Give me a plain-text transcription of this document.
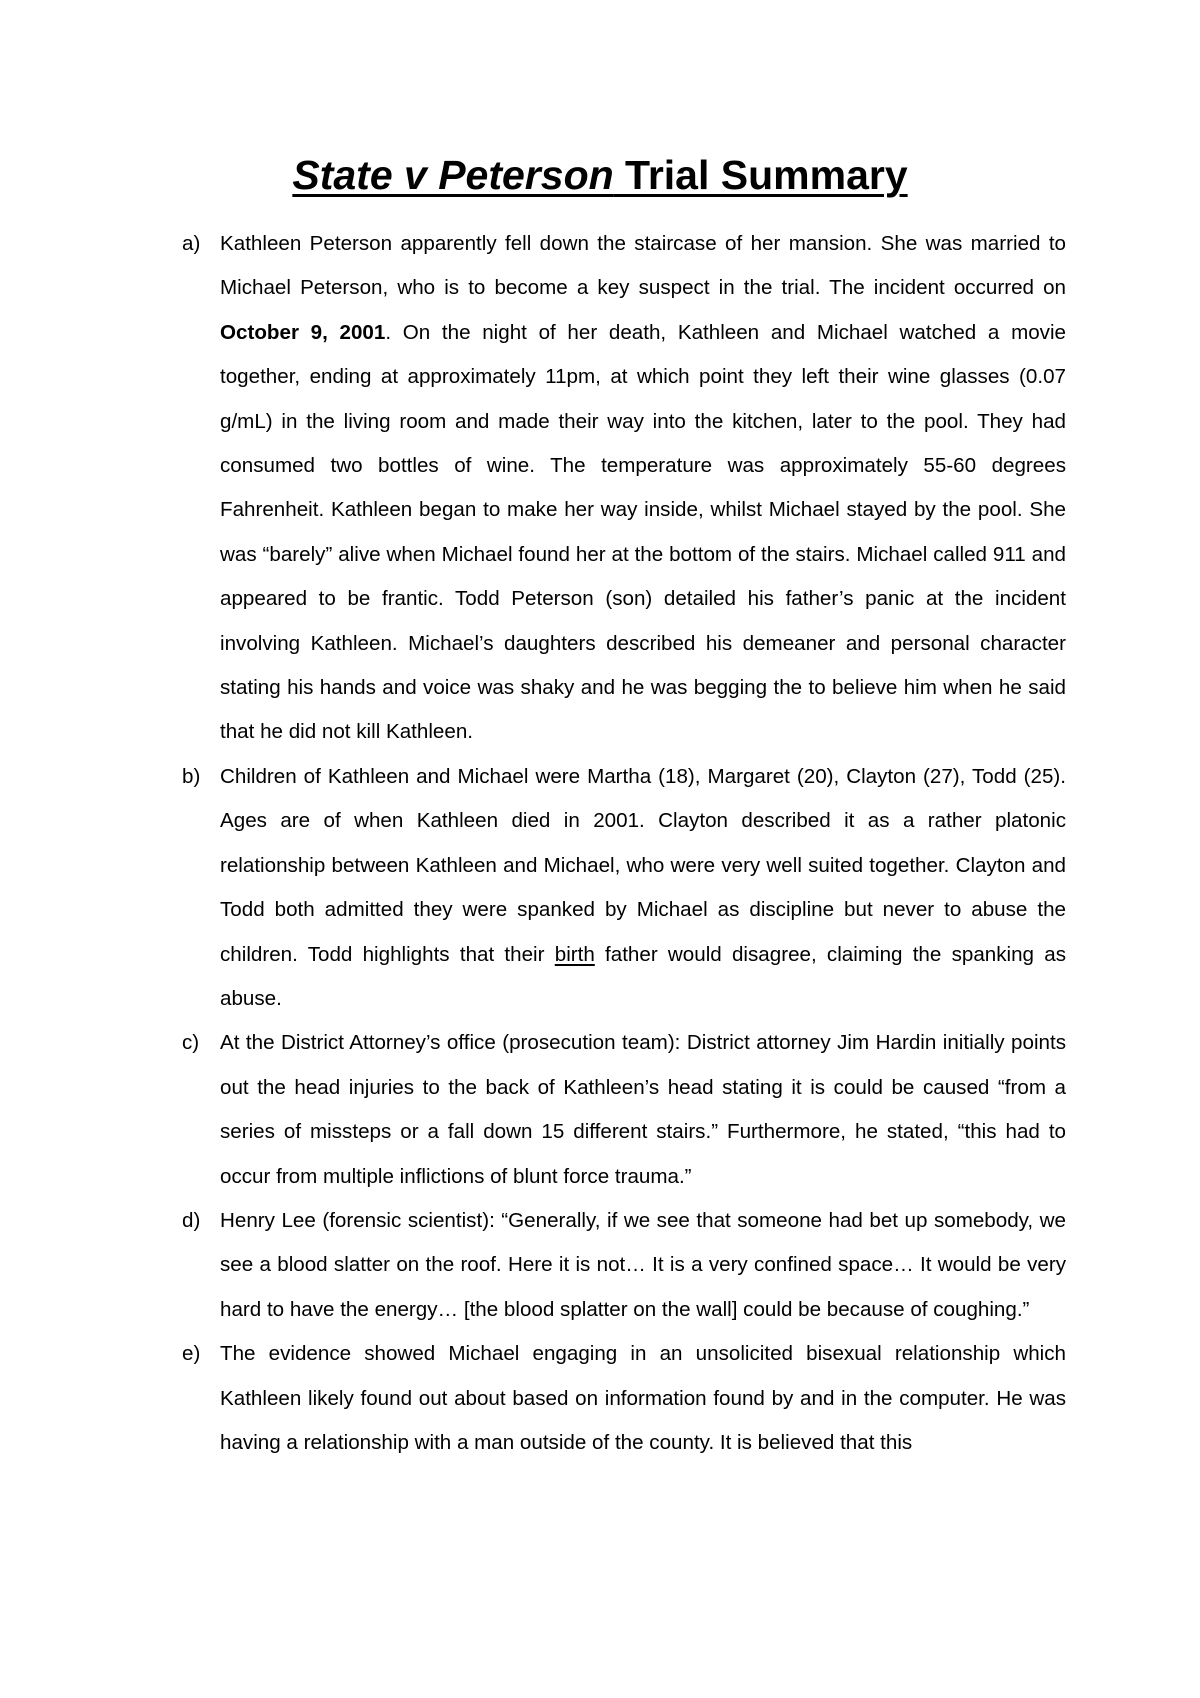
State v Peterson Trial Summary
a) Kathleen Peterson apparently fell down the staircase of her mansion. She was married to Michael Peterson, who is to become a key suspect in the trial. The incident occurred on October 9, 2001. On the night of her death, Kathleen and Michael watched a movie together, ending at approximately 11pm, at which point they left their wine glasses (0.07 g/mL) in the living room and made their way into the kitchen, later to the pool. They had consumed two bottles of wine. The temperature was approximately 55-60 degrees Fahrenheit. Kathleen began to make her way inside, whilst Michael stayed by the pool. She was “barely” alive when Michael found her at the bottom of the stairs. Michael called 911 and appeared to be frantic. Todd Peterson (son) detailed his father’s panic at the incident involving Kathleen. Michael’s daughters described his demeaner and personal character stating his hands and voice was shaky and he was begging the to believe him when he said that he did not kill Kathleen.
b) Children of Kathleen and Michael were Martha (18), Margaret (20), Clayton (27), Todd (25). Ages are of when Kathleen died in 2001. Clayton described it as a rather platonic relationship between Kathleen and Michael, who were very well suited together. Clayton and Todd both admitted they were spanked by Michael as discipline but never to abuse the children. Todd highlights that their birth father would disagree, claiming the spanking as abuse.
c) At the District Attorney’s office (prosecution team): District attorney Jim Hardin initially points out the head injuries to the back of Kathleen’s head stating it is could be caused “from a series of missteps or a fall down 15 different stairs.” Furthermore, he stated, “this had to occur from multiple inflictions of blunt force trauma.”
d) Henry Lee (forensic scientist): “Generally, if we see that someone had bet up somebody, we see a blood slatter on the roof. Here it is not… It is a very confined space… It would be very hard to have the energy… [the blood splatter on the wall] could be because of coughing.”
e) The evidence showed Michael engaging in an unsolicited bisexual relationship which Kathleen likely found out about based on information found by and in the computer. He was having a relationship with a man outside of the county. It is believed that this
